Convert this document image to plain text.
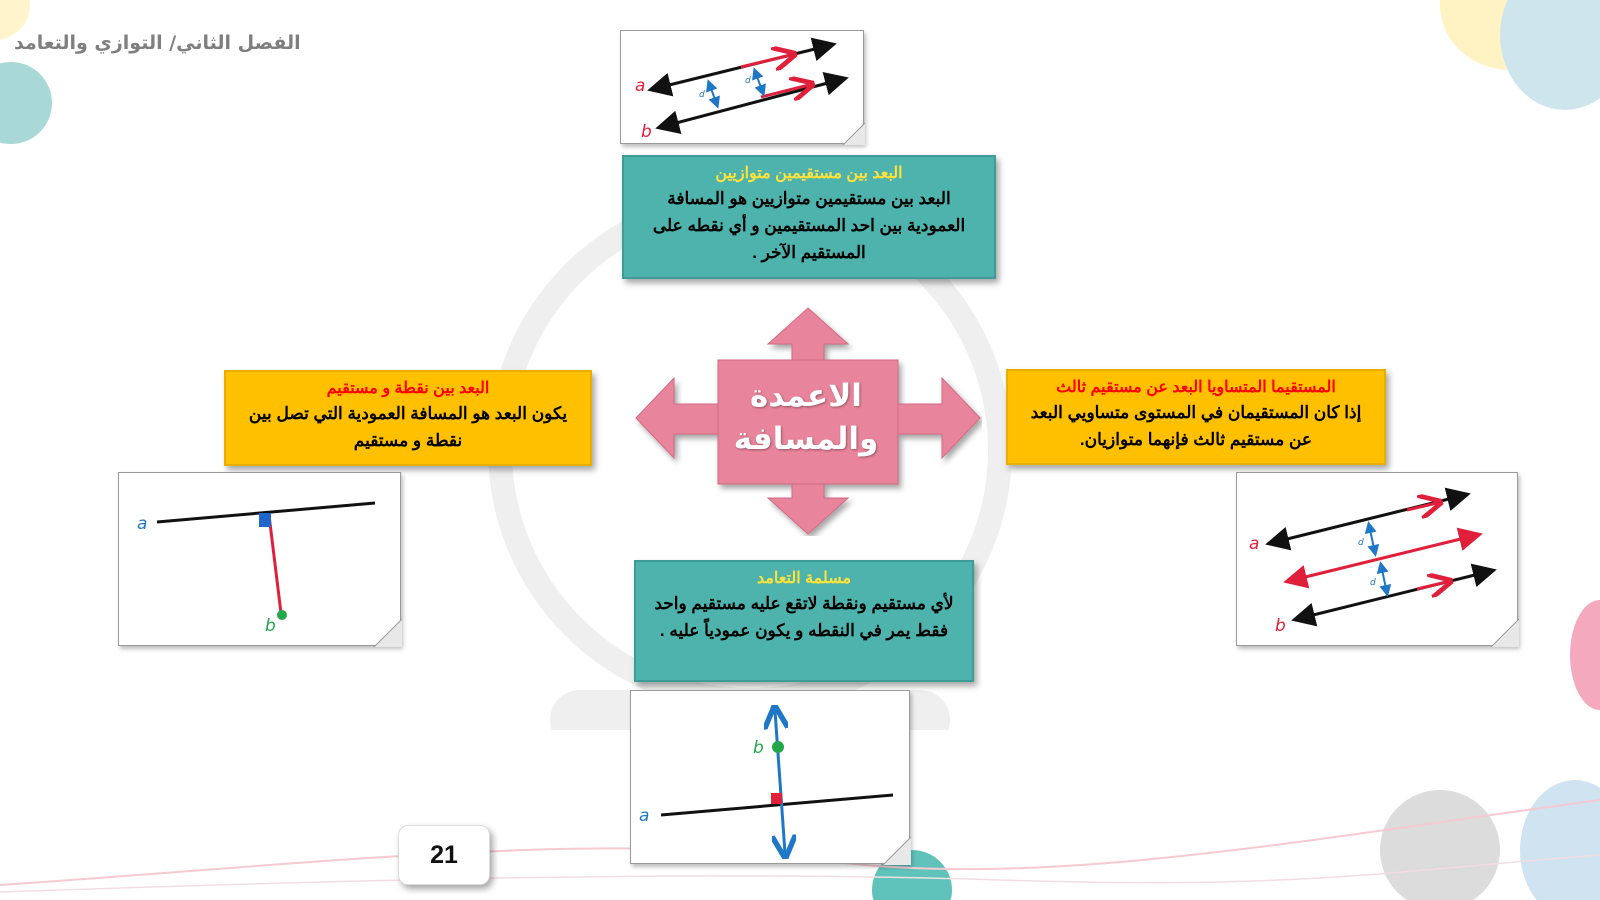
الفصل الثاني/ التوازي والتعامد
d
d
a
b
البعد بين مستقيمين متوازيين
البعد بين مستقيمين متوازيين هو المسافة العمودية بين احد المستقيمين و أي نقطه على المستقيم الآخر .
الاعمدة
والمسافة
البعد بين نقطة و مستقيم
يكون البعد هو المسافة العمودية التي تصل بين نقطة و مستقيم
المستقيما المتساويا البعد عن مستقيم ثالث
إذا كان المستقيمان في المستوى متساويي البعد عن مستقيم ثالث فإنهما متوازيان.
a
b
d
d
a
b
مسلمة التعامد
لأي مستقيم ونقطة لاتقع عليه مستقيم واحد فقط يمر في النقطه و يكون عمودياً عليه .
a
b
21
